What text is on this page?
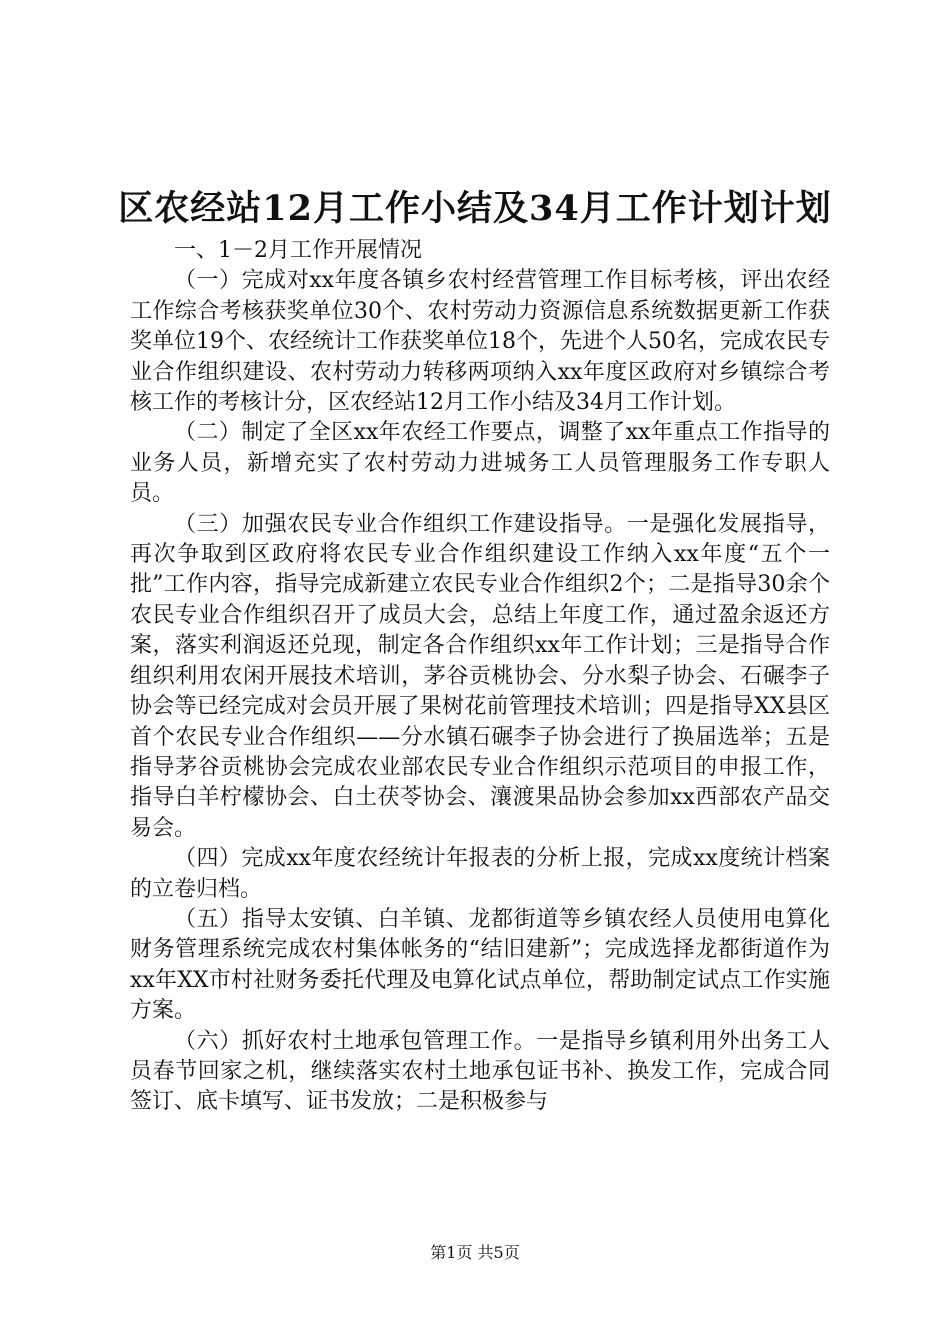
区农经站12月工作小结及34月工作计划计划

一、1－2月工作开展情况

（一）完成对xx年度各镇乡农村经营管理工作目标考核，评出农经工作综合考核获奖单位30个、农村劳动力资源信息系统数据更新工作获奖单位19个、农经统计工作获奖单位18个，先进个人50名，完成农民专业合作组织建设、农村劳动力转移两项纳入xx年度区政府对乡镇综合考核工作的考核计分，区农经站12月工作小结及34月工作计划。

（二）制定了全区xx年农经工作要点，调整了xx年重点工作指导的业务人员，新增充实了农村劳动力进城务工人员管理服务工作专职人员。

（三）加强农民专业合作组织工作建设指导。一是强化发展指导，再次争取到区政府将农民专业合作组织建设工作纳入xx年度“五个一批”工作内容，指导完成新建立农民专业合作组织2个；二是指导30余个农民专业合作组织召开了成员大会，总结上年度工作，通过盈余返还方案，落实利润返还兑现，制定各合作组织xx年工作计划；三是指导合作组织利用农闲开展技术培训，茅谷贡桃协会、分水梨子协会、石碾李子协会等已经完成对会员开展了果树花前管理技术培训；四是指导XX县区首个农民专业合作组织——分水镇石碾李子协会进行了换届选举；五是指导茅谷贡桃协会完成农业部农民专业合作组织示范项目的申报工作，指导白羊柠檬协会、白土茯苓协会、瀼渡果品协会参加xx西部农产品交易会。

（四）完成xx年度农经统计年报表的分析上报，完成xx度统计档案的立卷归档。

（五）指导太安镇、白羊镇、龙都街道等乡镇农经人员使用电算化财务管理系统完成农村集体帐务的“结旧建新”；完成选择龙都街道作为xx年XX市村社财务委托代理及电算化试点单位，帮助制定试点工作实施方案。

（六）抓好农村土地承包管理工作。一是指导乡镇利用外出务工人员春节回家之机，继续落实农村土地承包证书补、换发工作，完成合同签订、底卡填写、证书发放；二是积极参与

第1页 共5页
